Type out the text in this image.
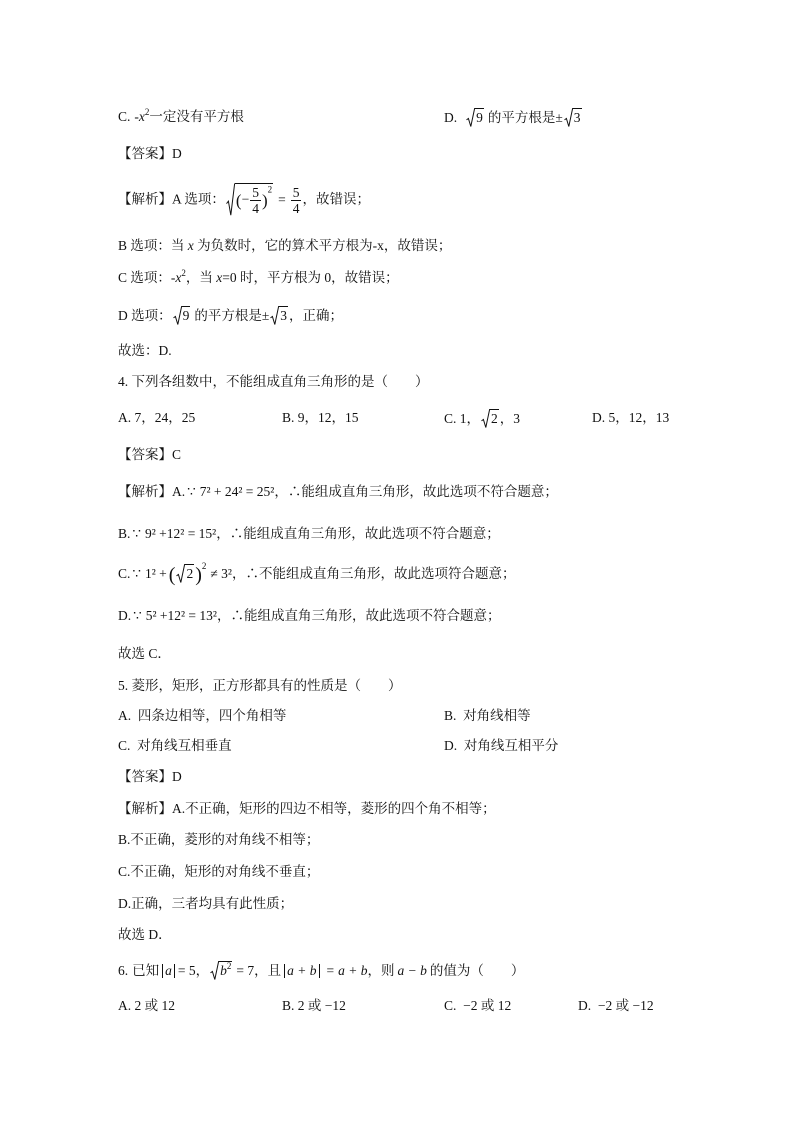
C. $-x^2$一定没有平方根	D. 9 的平方根是± 3
【答案】D
【解析】A 选项： (− $\frac{5}{4} )^2= \frac{5}{4}$ ，故错误；
B 选项：当 x 为负数时，它的算术平方根为-x，故错误；
C 选项：$-x^2$，当 x=0 时，平方根为 0，故错误；
D 选项： 9 的平方根是± 3 ，正确；
故选：D.
4. 下列各组数中，不能组成直角三角形的是（　　）
A. 7，24，25	B. 9，12，15	C. 1， 2 ，3	D. 5，12，13
【答案】C
【解析】A. ∵ 7² + 24² = 25²，∴能组成直角三角形，故此选项不符合题意；
B. ∵ 9² +12² = 15²，∴能组成直角三角形，故此选项不符合题意；
C. ∵ 1² + ( 2 )$^2$ ≠ 3²，∴不能组成直角三角形，故此选项符合题意；
D. ∵ 5² +12² = 13²，∴能组成直角三角形，故此选项不符合题意；
故选 C．
5. 菱形，矩形，正方形都具有的性质是（　　）
A.  四条边相等，四个角相等	B.  对角线相等
C.  对角线互相垂直	D.  对角线互相平分
【答案】D
【解析】A.不正确，矩形的四边不相等，菱形的四个角不相等；
B.不正确，菱形的对角线不相等；
C.不正确，矩形的对角线不垂直；
D.正确，三者均具有此性质；
故选 D．
6. 已知 a = 5， $b^2 = 7$，且 a + b = a + b，则 a − b 的值为（　　）
A. 2 或 12	B. 2 或 −12	C.  −2 或 12	D.  −2 或 −12
